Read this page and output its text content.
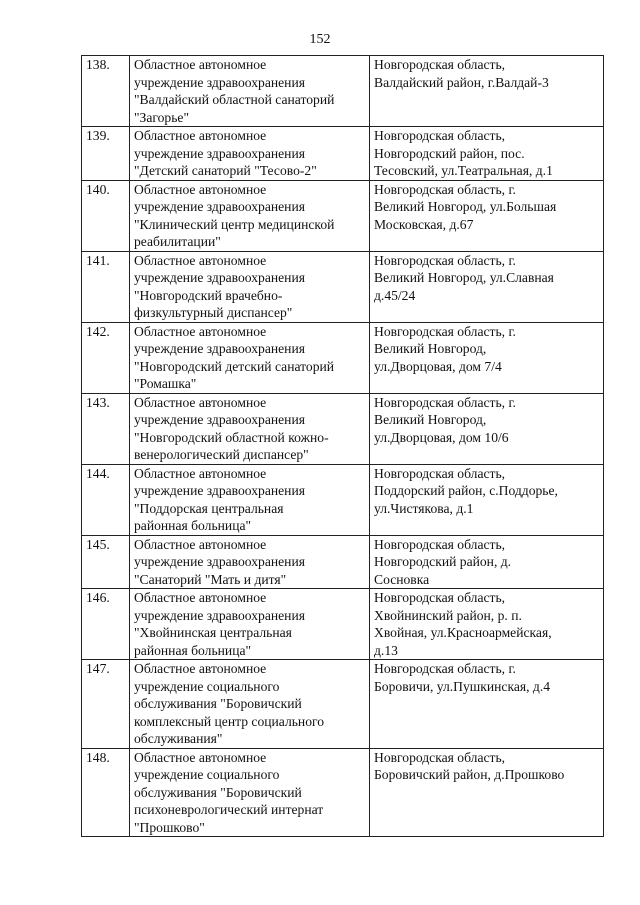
152
138.	Областное автономное
учреждение здравоохранения
"Валдайский областной санаторий
"Загорье"	Новгородская область,
Валдайский район, г.Валдай-3

139.	Областное автономное
учреждение здравоохранения
"Детский санаторий "Тесово-2"	Новгородская область,
Новгородский район, пос.
Тесовский, ул.Театральная, д.1

140.	Областное автономное
учреждение здравоохранения
"Клинический центр медицинской
реабилитации"	Новгородская область, г.
Великий Новгород, ул.Большая
Московская, д.67

141.	Областное автономное
учреждение здравоохранения
"Новгородский врачебно-
физкультурный диспансер"	Новгородская область, г.
Великий Новгород, ул.Славная
д.45/24

142.	Областное автономное
учреждение здравоохранения
"Новгородский детский санаторий
"Ромашка"	Новгородская область, г.
Великий Новгород,
ул.Дворцовая, дом 7/4

143.	Областное автономное
учреждение здравоохранения
"Новгородский областной кожно-
венерологический диспансер"	Новгородская область, г.
Великий Новгород,
ул.Дворцовая, дом 10/6

144.	Областное автономное
учреждение здравоохранения
"Поддорская центральная
районная больница"	Новгородская область,
Поддорский район, с.Поддорье,
ул.Чистякова, д.1

145.	Областное автономное
учреждение здравоохранения
"Санаторий "Мать и дитя"	Новгородская область,
Новгородский район, д.
Сосновка

146.	Областное автономное
учреждение здравоохранения
"Хвойнинская центральная
районная больница"	Новгородская область,
Хвойнинский район, р. п.
Хвойная, ул.Красноармейская,
д.13

147.	Областное автономное
учреждение социального
обслуживания "Боровичский
комплексный центр социального
обслуживания"	Новгородская область, г.
Боровичи, ул.Пушкинская, д.4

148.	Областное автономное
учреждение социального
обслуживания "Боровичский
психоневрологический интернат
"Прошково"	Новгородская область,
Боровичский район, д.Прошково
